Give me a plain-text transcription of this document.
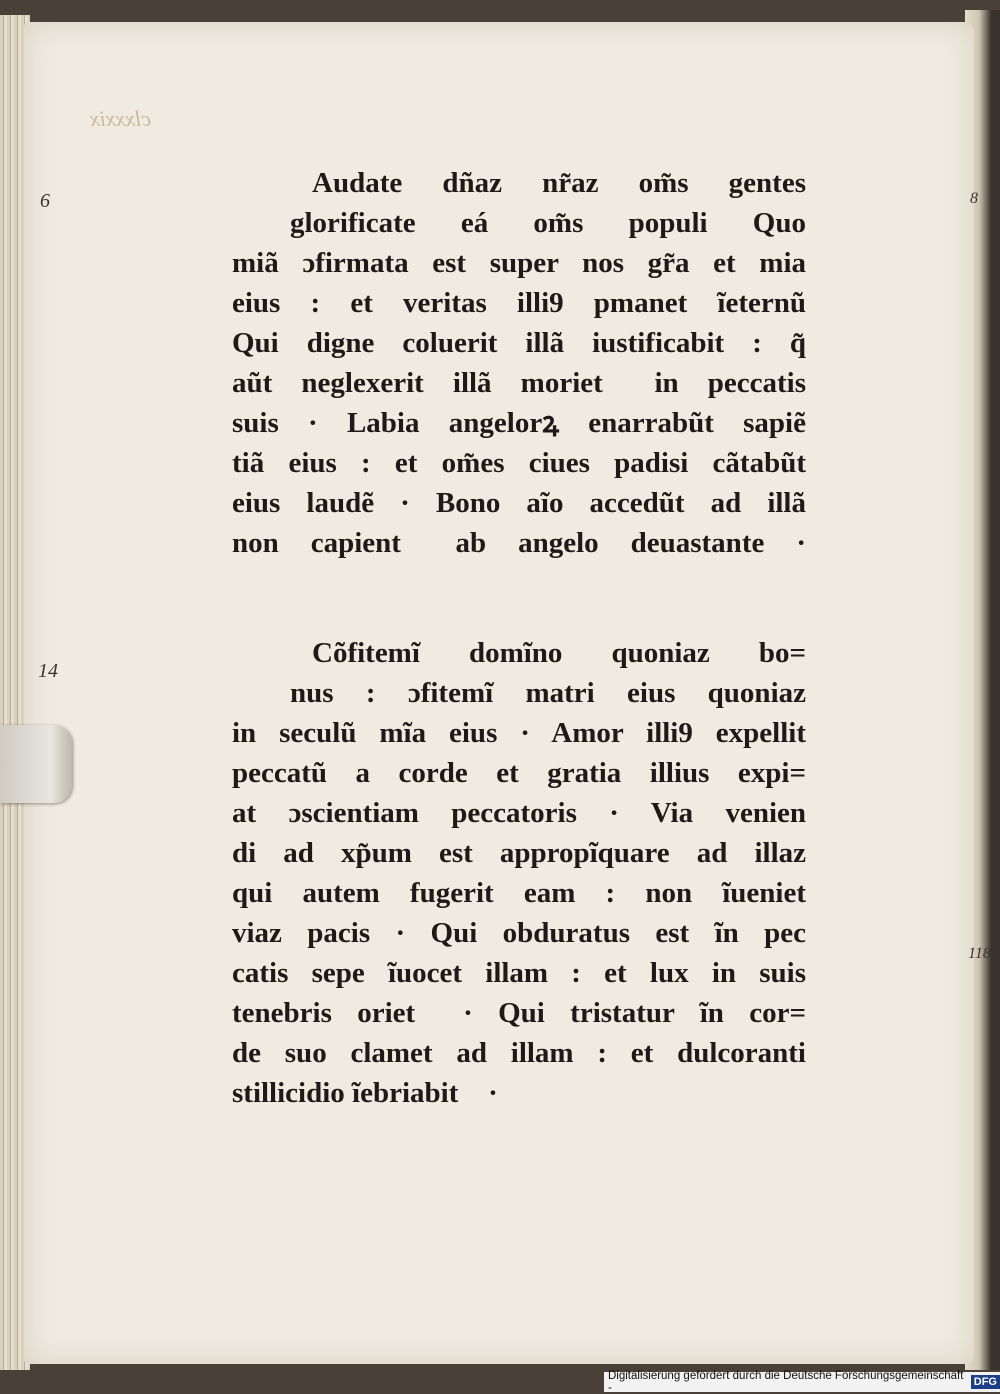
clxxxix
6
14
8
118
Audate dñaz nr̃az om̃s gentes
glorificate eá om̃s populi Quo
miã ɔfirmata est super nos gr̃a et mia
eius : et veritas illi9 pmanet ĩeternũ
Qui digne coluerit illã iustificabit : q̃
aũt neglexerit illã morietᷣ in peccatis
suis · Labia angelorꝝ enarrabũt sapiẽ
tiã eius : et om̃es ciues padisi cãtabũt
eius laudẽ · Bono aĩo accedũt ad illã
non capientᷣ ab angelo deuastante ·
Cõfitemĩ domĩno quoniaz bo=
nus : ɔfitemĩ matri eius quoniaz
in seculũ mĩa eius · Amor illi9 expellit
peccatũ a corde et gratia illius expi=
at ɔscientiam peccatoris · Via venien
di ad xp̃um est appropĩquare ad illaz
qui autem fugerit eam : non ĩueniet
viaz pacis · Qui obduratus est ĩn pec
catis sepe ĩuocet illam : et lux in suis
tenebris orietᷣ · Qui tristatur ĩn cor=
de suo clamet ad illam : et dulcoranti
stillicidio ĩebriabitᷣ ·
Digitalisierung gefördert durch die Deutsche Forschungsgemeinschaft -	DFG
